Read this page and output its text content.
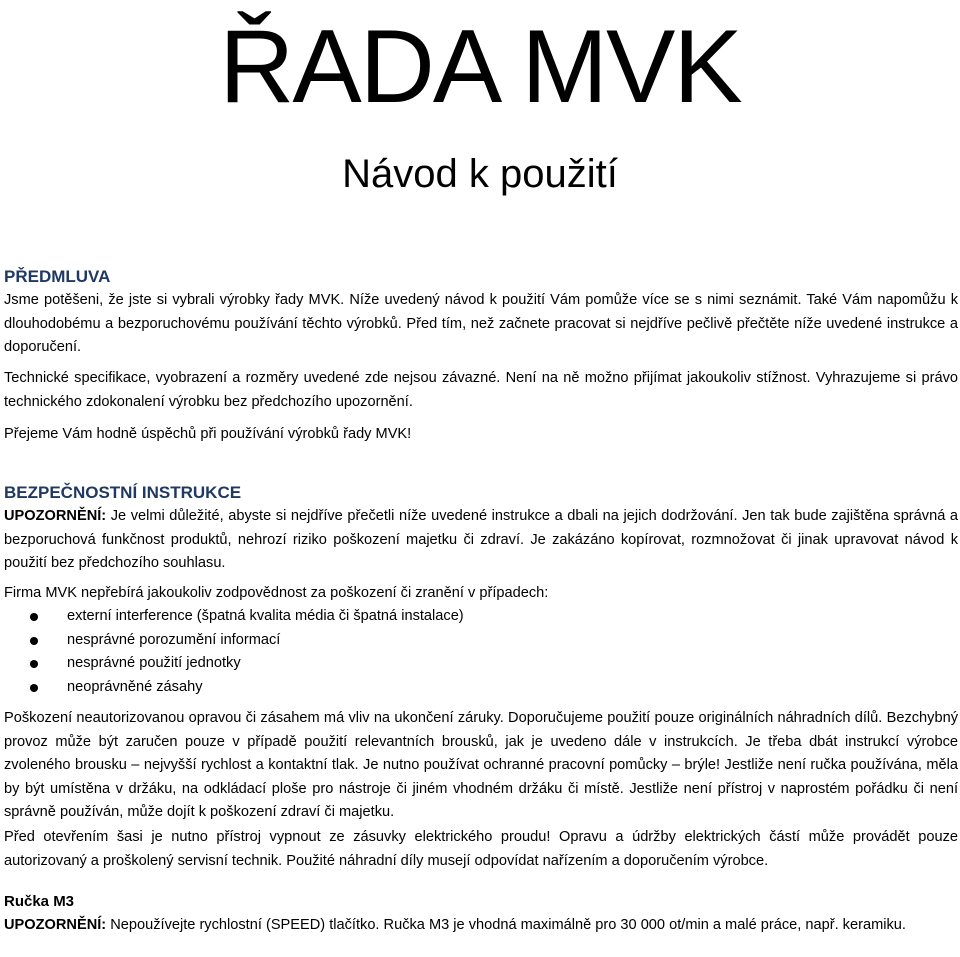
ŘADA MVK
Návod k použití
PŘEDMLUVA

Jsme potěšeni, že jste si vybrali výrobky řady MVK. Níže uvedený návod k použití Vám pomůže více se s nimi seznámit. Také Vám napomůžu k dlouhodobému a bezporuchovému používání těchto výrobků. Před tím, než začnete pracovat si nejdříve pečlivě přečtěte níže uvedené instrukce a doporučení.

Technické specifikace, vyobrazení a rozměry uvedené zde nejsou závazné. Není na ně možno přijímat jakoukoliv stížnost. Vyhrazujeme si právo technického zdokonalení výrobku bez předchozího upozornění.

Přejeme Vám hodně úspěchů při používání výrobků řady MVK!

BEZPEČNOSTNÍ INSTRUKCE

UPOZORNĚNÍ: Je velmi důležité, abyste si nejdříve přečetli níže uvedené instrukce a dbali na jejich dodržování. Jen tak bude zajištěna správná a bezporuchová funkčnost produktů, nehrozí riziko poškození majetku či zdraví. Je zakázáno kopírovat, rozmnožovat či jinak upravovat návod k použití bez předchozího souhlasu.

Firma MVK nepřebírá jakoukoliv zodpovědnost za poškození či zranění v případech:

externí interference (špatná kvalita média či špatná instalace)
nesprávné porozumění informací
nesprávné použití jednotky
neoprávněné zásahy

Poškození neautorizovanou opravou či zásahem má vliv na ukončení záruky. Doporučujeme použití pouze originálních náhradních dílů. Bezchybný provoz může být zaručen pouze v případě použití relevantních brousků, jak je uvedeno dále v instrukcích. Je třeba dbát instrukcí výrobce zvoleného brousku – nejvyšší rychlost a kontaktní tlak. Je nutno používat ochranné pracovní pomůcky – brýle! Jestliže není ručka používána, měla by být umístěna v držáku, na odkládací ploše pro nástroje či jiném vhodném držáku či místě. Jestliže není přístroj v naprostém pořádku či není správně používán, může dojít k poškození zdraví či majetku.

Před otevřením šasi je nutno přístroj vypnout ze zásuvky elektrického proudu! Opravu a údržby elektrických částí může provádět pouze autorizovaný a proškolený servisní technik. Použité náhradní díly musejí odpovídat nařízením a doporučením výrobce.

Ručka M3

UPOZORNĚNÍ: Nepoužívejte rychlostní (SPEED) tlačítko. Ručka M3 je vhodná maximálně pro 30 000 ot/min a malé práce, např. keramiku.
